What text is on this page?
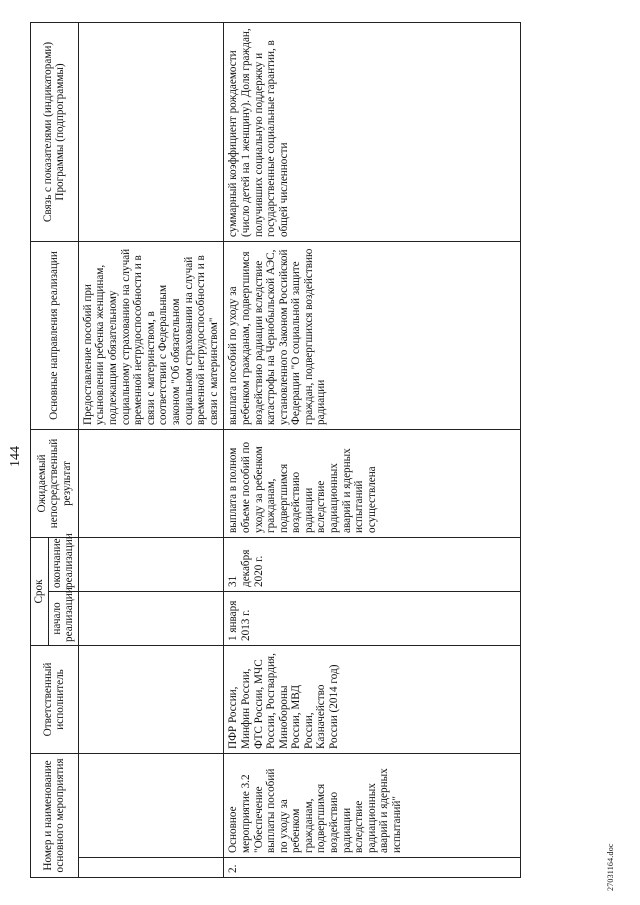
144
Номер и наименование основного мероприятия		Ответственный исполнитель	Срок		Ожидаемый непосредственный результат	Основные направления реализации	Связь с показателями (индикаторами) Программы (подпрограммы)
			начало реализации	окончание реализации			
						Предоставление пособий при усыновлении ребенка женщинам, подлежащим обязательному социальному страхованию на случай временной нетрудоспособности и в связи с материнством, в соответствии с Федеральным законом "Об обязательном социальном страховании на случай временной нетрудоспособности и в связи с материнством"	
2.	Основное мероприятие 3.2 "Обеспечение выплаты пособий по уходу за ребенком гражданам, подвергшимся воздействию радиации вследствие радиационных аварий и ядерных испытаний"	ПФР России, Минфин России, ФТС России, МЧС России, Росгвардия, Минобороны России, МВД России, Казначейство России (2014 год)	1 января 2013 г.	31 декабря 2020 г.	выплата в полном объеме пособий по уходу за ребенком гражданам, подвергшимся воздействию радиации вследствие радиационных аварий и ядерных испытаний осуществлена	выплата пособий по уходу за ребенком гражданам, подвергшимся воздействию радиации вследствие катастрофы на Чернобыльской АЭС, установленного Законом Российской Федерации "О социальной защите граждан, подвергшихся воздействию радиации	суммарный коэффициент рождаемости (число детей на 1 женщину). Доля граждан, получивших социальную поддержку и государственные социальные гарантии, в общей численности
27031164.doc
